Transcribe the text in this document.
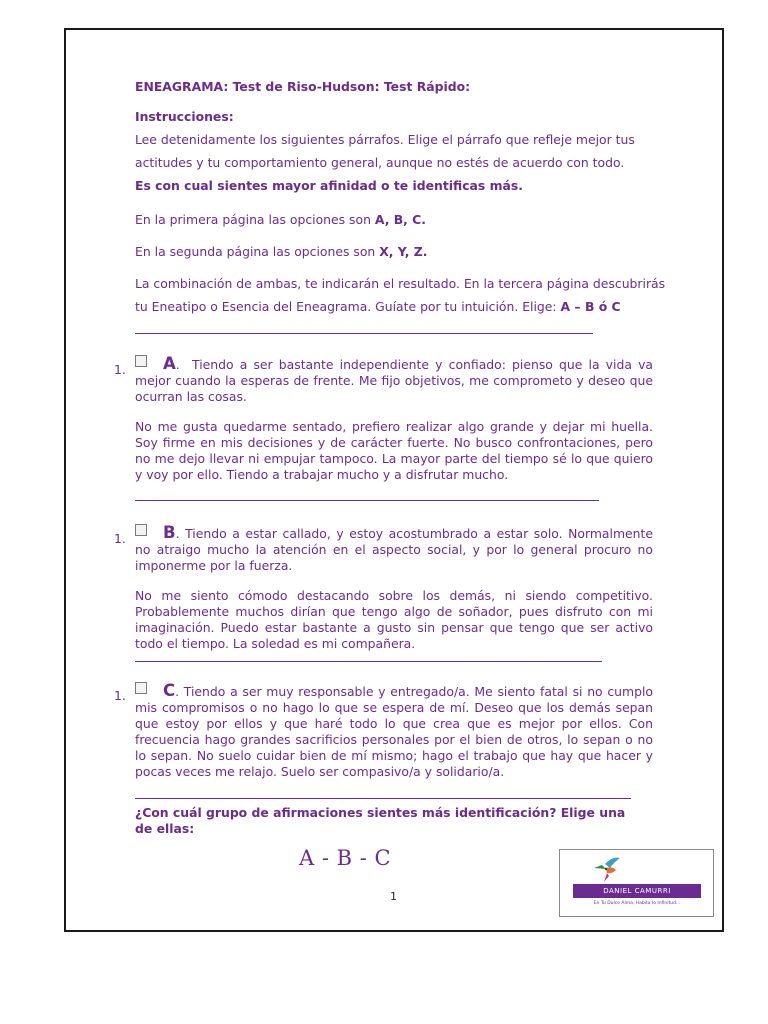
ENEAGRAMA: Test de Riso-Hudson: Test Rápido:
Instrucciones:
Lee detenidamente los siguientes párrafos. Elige el párrafo que refleje mejor tus
actitudes y tu comportamiento general, aunque no estés de acuerdo con todo.
Es con cual sientes mayor afinidad o te identificas más.
En la primera página las opciones son A, B, C.
En la segunda página las opciones son X, Y, Z.
La combinación de ambas, te indicarán el resultado. En la tercera página descubrirás
tu Eneatipo o Esencia del Eneagrama. Guíate por tu intuición. Elige: A – B ó C
1.	A. Tiendo a ser bastante independiente y confiado: pienso que la vida va mejor cuando la esperas de frente. Me fijo objetivos, me comprometo y deseo que ocurran las cosas.
No me gusta quedarme sentado, prefiero realizar algo grande y dejar mi huella. Soy firme en mis decisiones y de carácter fuerte. No busco confrontaciones, pero no me dejo llevar ni empujar tampoco. La mayor parte del tiempo sé lo que quiero y voy por ello. Tiendo a trabajar mucho y a disfrutar mucho.
1.	B. Tiendo a estar callado, y estoy acostumbrado a estar solo. Normalmente no atraigo mucho la atención en el aspecto social, y por lo general procuro no imponerme por la fuerza.
No me siento cómodo destacando sobre los demás, ni siendo competitivo. Probablemente muchos dirían que tengo algo de soñador, pues disfruto con mi imaginación. Puedo estar bastante a gusto sin pensar que tengo que ser activo todo el tiempo. La soledad es mi compañera.
1.	C. Tiendo a ser muy responsable y entregado/a. Me siento fatal si no cumplo mis compromisos o no hago lo que se espera de mí. Deseo que los demás sepan que estoy por ellos y que haré todo lo que crea que es mejor por ellos. Con frecuencia hago grandes sacrificios personales por el bien de otros, lo sepan o no lo sepan. No suelo cuidar bien de mí mismo; hago el trabajo que hay que hacer y pocas veces me relajo. Suelo ser compasivo/a y solidario/a.
¿Con cuál grupo de afirmaciones sientes más identificación? Elige una de ellas:
A - B - C
1	DANIEL CAMURRI
En Tu Dulce Alma, Habita lo Infinitud...
